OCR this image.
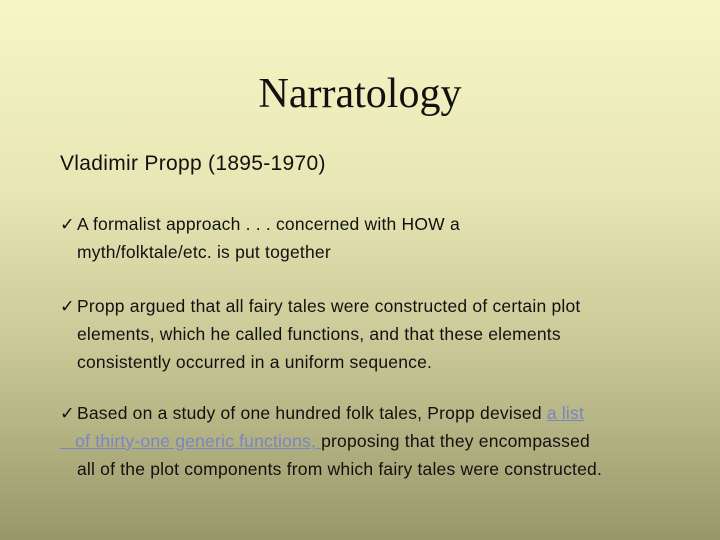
Narratology
Vladimir Propp (1895-1970)
✓ A formalist approach . . . concerned with HOW a
myth/folktale/etc. is put together
✓ Propp argued that all fairy tales were constructed of certain plot
elements, which he called functions, and that these elements
consistently occurred in a uniform sequence.
✓ Based on a study of one hundred folk tales, Propp devised a list
of thirty-one generic functions, proposing that they encompassed
all of the plot components from which fairy tales were constructed.
